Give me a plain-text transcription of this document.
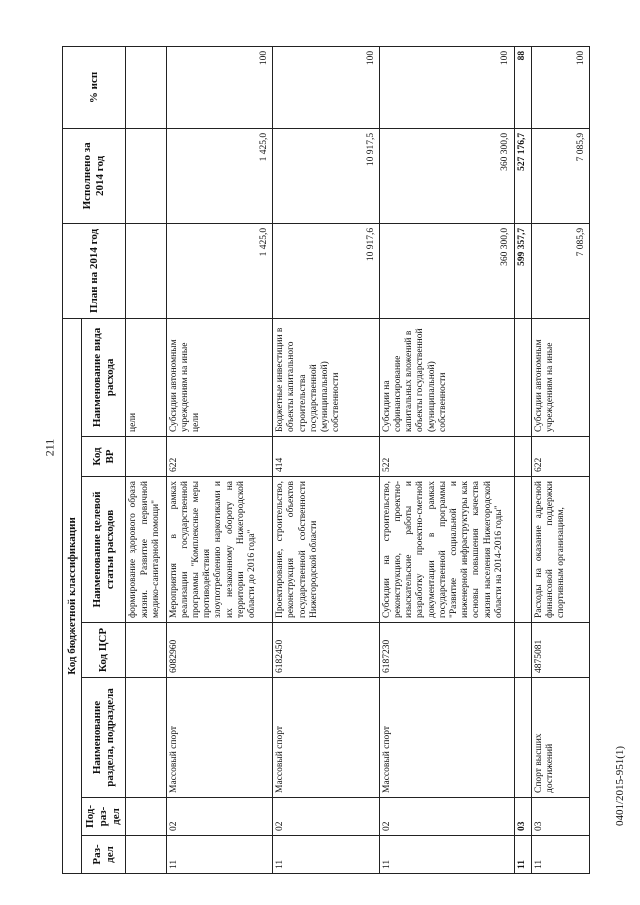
211
0401/2015-951(1)
Код бюджетной классификации							План на 2014 год	Исполнено за 2014 год	% исп
Раз-дел	Под-раз-дел	Наименование раздела, подраздела	Код ЦСР	Наименование целевой статьи расходов	Код ВР	Наименование вида расхода			
				формирование здорового образа жизни. Развитие первичной медико-санитарной помощи"		цели			
11	02	Массовый спорт	6082960	Мероприятия в рамках реализации государственной программы "Комплексные меры противодействия злоупотреблению наркотиками и их незаконному обороту на территории Нижегородской области до 2016 года"	622	Субсидии автономным учреждениям на иные цели	1 425,0	1 425,0	100
11	02	Массовый спорт	6182450	Проектирование, строительство, реконструкция объектов государственной собственности Нижегородской области	414	Бюджетные инвестиции в объекты капитального строительства государственной (муниципальной) собственности	10 917,6	10 917,5	100
11	02	Массовый спорт	6187230	Субсидии на строительство, реконструкцию, проектно-изыскательские работы и разработку проектно-сметной документации в рамках государственной программы "Развитие социальной и инженерной инфраструктуры как основы повышения качества жизни населения Нижегородской области на 2014-2016 годы"	522	Субсидии на софинансирование капитальных вложений в объекты государственной (муниципальной) собственности	360 300,0	360 300,0	100
11	03						599 357,7	527 176,7	88
11	03	Спорт высших достижений	4875081	Расходы на оказание адресной финансовой поддержки спортивным организациям,	622	Субсидии автономным учреждениям на иные	7 085,9	7 085,9	100
